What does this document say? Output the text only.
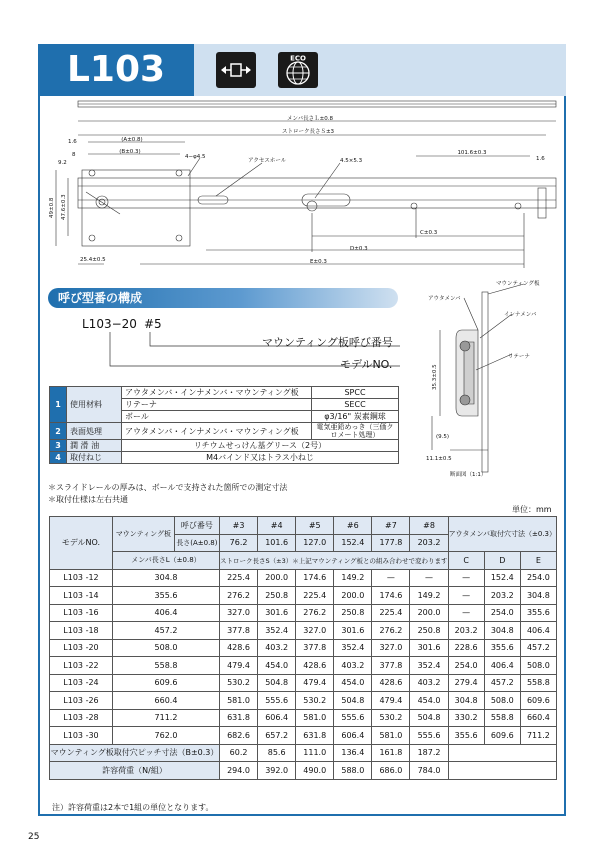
L103	ECO
メンバ長さＬ±0.8
ストローク長さＳ±3
(A±0.8)
(B±0.3)
4−φ4.5
アクセスホール	4.5×5.3
101.6±0.3
1.6
1.6
8
9.2
C±0.3
D±0.3
E±0.3
25.4±0.5
49±0.8 47.6±0.3
呼び型番の構成
L103−20 #5
マウンティング板呼び番号
モデルNO.
マウンティング板
アウタメンバ
インナメンバ
リテーナ
35.3±0.5
(9.5)
11.1±0.5
断面図（1:1）
1	使用材料	アウタメンバ・インナメンバ・マウンティング板	SPCC
		リテーナ	SECC
		ボール	φ3/16" 炭素鋼球
2	表面処理	アウタメンバ・インナメンバ・マウンティング板	電気亜鉛めっき（三価クロメート処理）
3	潤 滑 油	リチウムせっけん基グリース（2号）	
4	取付ねじ	M4バインド又はトラス小ねじ	
＊スライドレールの厚みは、ボールで支持された箇所での測定寸法
＊取付仕様は左右共通
単位：mm
モデルNO.	マウンティング板	呼び番号	#3	#4	#5	#6	#7	#8	アウタメンバ取付穴寸法（±0.3）		
		長さ(A±0.8)	76.2	101.6	127.0	152.4	177.8	203.2			
	メンバ長さL（±0.8）		ストローク長さS（±3）＊上記マウンティング板との組み合わせで変わります						C	D	E
L103 -12	304.8		225.4	200.0	174.6	149.2	—	—	—	152.4	254.0
L103 -14	355.6		276.2	250.8	225.4	200.0	174.6	149.2	—	203.2	304.8
L103 -16	406.4		327.0	301.6	276.2	250.8	225.4	200.0	—	254.0	355.6
L103 -18	457.2		377.8	352.4	327.0	301.6	276.2	250.8	203.2	304.8	406.4
L103 -20	508.0		428.6	403.2	377.8	352.4	327.0	301.6	228.6	355.6	457.2
L103 -22	558.8		479.4	454.0	428.6	403.2	377.8	352.4	254.0	406.4	508.0
L103 -24	609.6		530.2	504.8	479.4	454.0	428.6	403.2	279.4	457.2	558.8
L103 -26	660.4		581.0	555.6	530.2	504.8	479.4	454.0	304.8	508.0	609.6
L103 -28	711.2		631.8	606.4	581.0	555.6	530.2	504.8	330.2	558.8	660.4
L103 -30	762.0		682.6	657.2	631.8	606.4	581.0	555.6	355.6	609.6	711.2
マウンティング板取付穴ピッチ寸法（B±0.3）			60.2	85.6	111.0	136.4	161.8	187.2			
許容荷重（N/組）			294.0	392.0	490.0	588.0	686.0	784.0			
注）許容荷重は2本で1組の単位となります。
25
